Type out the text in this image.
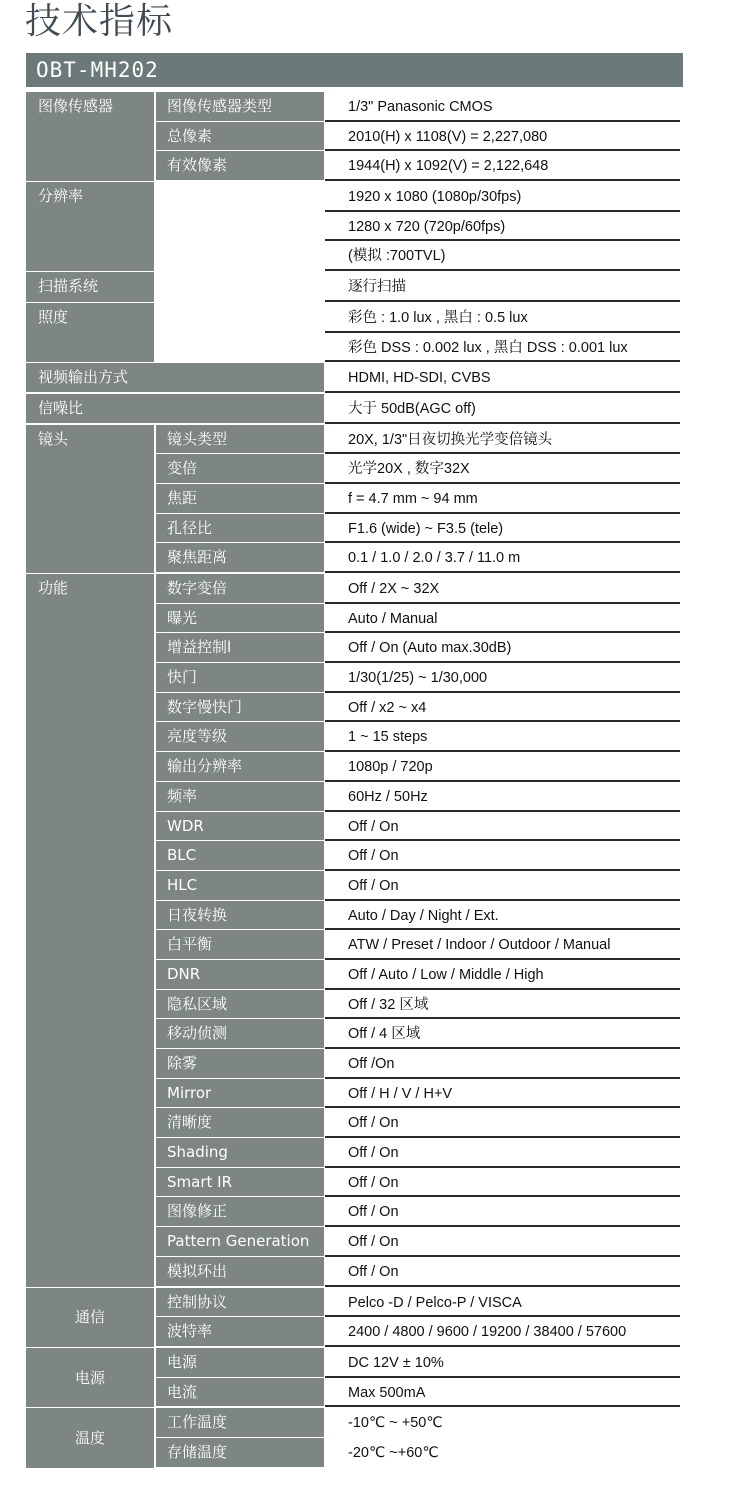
技术指标
OBT-MH202
图像传感器	图像传感器类型	1/3" Panasonic CMOS
总像素	2010(H) x 1108(V) = 2,227,080
有效像素	1944(H) x 1092(V) = 2,122,648
分辨率	1920 x 1080 (1080p/30fps)
1280 x 720 (720p/60fps)
(模拟 :700TVL)
扫描系统	逐行扫描
照度	彩色 : 1.0 lux , 黑白 : 0.5 lux
彩色 DSS : 0.002 lux , 黑白 DSS : 0.001 lux
视频输出方式	HDMI, HD-SDI, CVBS
信噪比	大于 50dB(AGC off)
镜头	镜头类型	20X, 1/3"日夜切换光学变倍镜头
变倍	光学20X , 数字32X
焦距	f = 4.7 mm ~ 94 mm
孔径比	F1.6 (wide) ~ F3.5 (tele)
聚焦距离	0.1 / 1.0 / 2.0 / 3.7 / 11.0 m
功能	数字变倍	Off / 2X ~ 32X
曝光	Auto / Manual
增益控制l	Off / On (Auto max.30dB)
快门	1/30(1/25) ~ 1/30,000
数字慢快门	Off / x2 ~ x4
亮度等级	1 ~ 15 steps
输出分辨率	1080p / 720p
频率	60Hz / 50Hz
WDR	Off / On
BLC	Off / On
HLC	Off / On
日夜转换	Auto / Day / Night / Ext.
白平衡	ATW / Preset / Indoor / Outdoor / Manual
DNR	Off / Auto / Low / Middle / High
隐私区域	Off / 32 区域
移动侦测	Off / 4 区域
除雾	Off /On
Mirror	Off / H / V / H+V
清晰度	Off / On
Shading	Off / On
Smart IR	Off / On
图像修正	Off / On
Pattern Generation	Off / On
模拟环出	Off / On
通信
控制协议	Pelco -D / Pelco-P / VISCA
波特率	2400 / 4800 / 9600 / 19200 / 38400 / 57600
电源
电源	DC 12V ± 10%
电流	Max 500mA
温度
工作温度	-10℃ ~ +50℃
存储温度	-20℃ ~+60℃
